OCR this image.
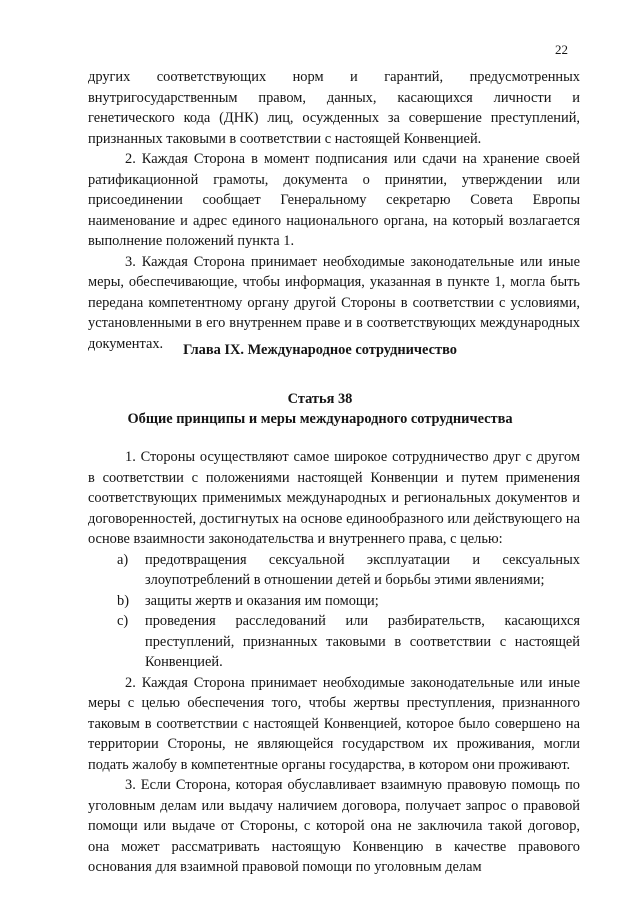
22

других соответствующих норм и гарантий, предусмотренных внутригосударственным правом, данных, касающихся личности и генетического кода (ДНК) лиц, осужденных за совершение преступлений, признанных таковыми в соответствии с настоящей Конвенцией.

2. Каждая Сторона в момент подписания или сдачи на хранение своей ратификационной грамоты, документа о принятии, утверждении или присоединении сообщает Генеральному секретарю Совета Европы наименование и адрес единого национального органа, на который возлагается выполнение положений пункта 1.

3. Каждая Сторона принимает необходимые законодательные или иные меры, обеспечивающие, чтобы информация, указанная в пункте 1, могла быть передана компетентному органу другой Стороны в соответствии с условиями, установленными в его внутреннем праве и в соответствующих международных документах.	Глава IX. Международное сотрудничество
Статья 38
Общие принципы и меры международного сотрудничества

1. Стороны осуществляют самое широкое сотрудничество друг с другом в соответствии с положениями настоящей Конвенции и путем применения соответствующих применимых международных и региональных документов и договоренностей, достигнутых на основе единообразного или действующего на основе взаимности законодательства и внутреннего права, с целью:

a)	предотвращения сексуальной эксплуатации и сексуальных злоупотреблений в отношении детей и борьбы этими явлениями;

b)	защиты жертв и оказания им помощи;

c)	проведения расследований или разбирательств, касающихся преступлений, признанных таковыми в соответствии с настоящей Конвенцией.

2. Каждая Сторона принимает необходимые законодательные или иные меры с целью обеспечения того, чтобы жертвы преступления, признанного таковым в соответствии с настоящей Конвенцией, которое было совершено на территории Стороны, не являющейся государством их проживания, могли подать жалобу в компетентные органы государства, в котором они проживают.

3. Если Сторона, которая обуславливает взаимную правовую помощь по уголовным делам или выдачу наличием договора, получает запрос о правовой помощи или выдаче от Стороны, с которой она не заключила такой договор, она может рассматривать настоящую Конвенцию в качестве правового основания для взаимной правовой помощи по уголовным делам
